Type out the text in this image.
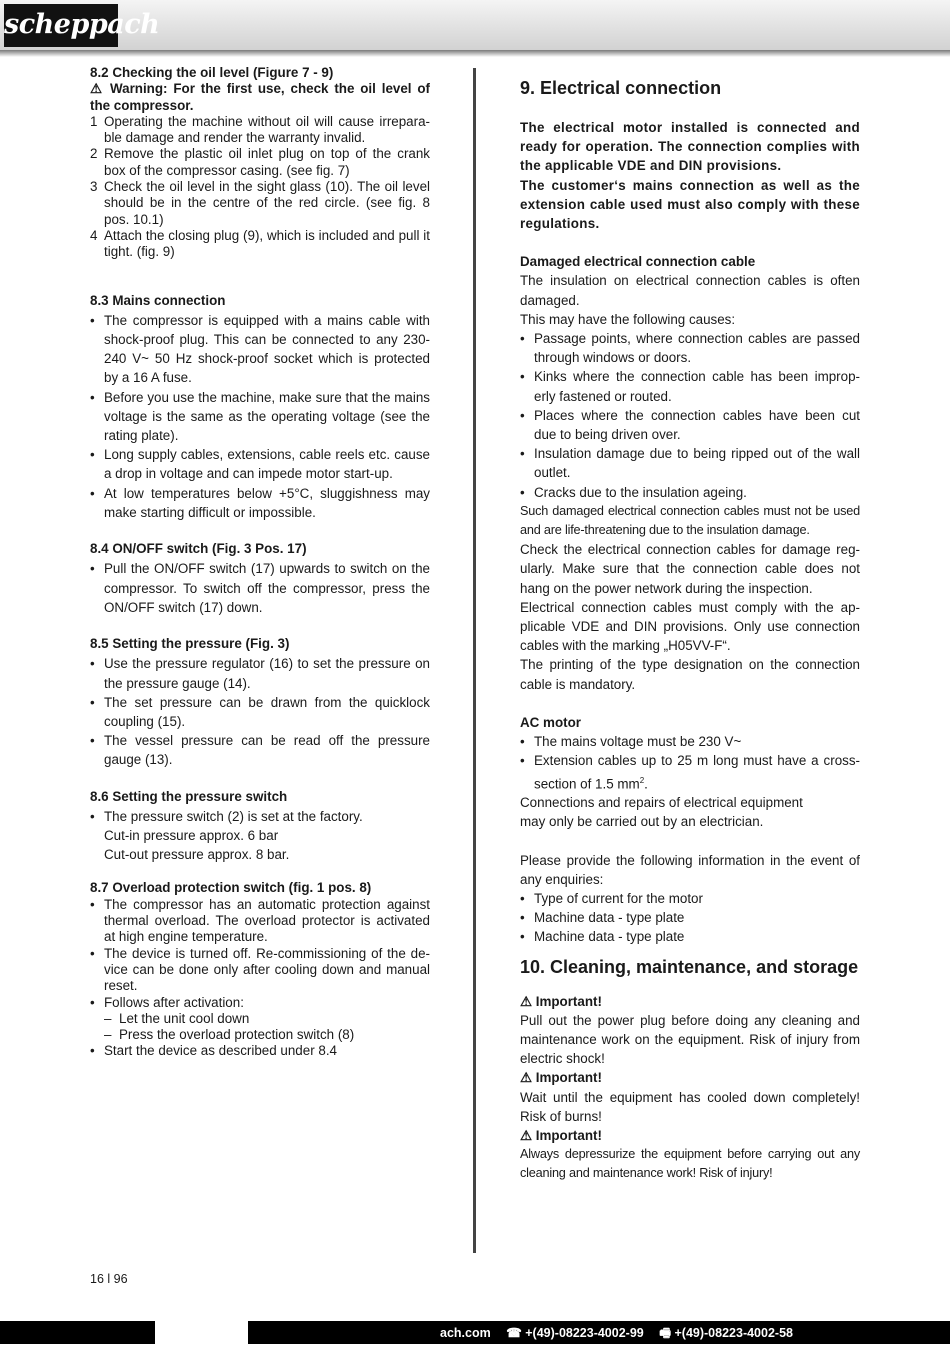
scheppach

8.2 Checking the oil level (Figure 7 - 9)

⚠ Warning: For the first use, check the oil level of the compressor.

1 Operating the machine without oil will cause irrepara-ble damage and render the warranty invalid.
2 Remove the plastic oil inlet plug on top of the crank box of the compressor casing. (see fig. 7)
3 Check the oil level in the sight glass (10). The oil level should be in the centre of the red circle. (see fig. 8 pos. 10.1)
4 Attach the closing plug (9), which is included and pull it tight. (fig. 9)

8.3 Mains connection

• The compressor is equipped with a mains cable with shock-proof plug. This can be connected to any 230-240 V~ 50 Hz shock-proof socket which is protected by a 16 A fuse.
• Before you use the machine, make sure that the mains voltage is the same as the operating voltage (see the rating plate).
• Long supply cables, extensions, cable reels etc. cause a drop in voltage and can impede motor start-up.
• At low temperatures below +5°C, sluggishness may make starting difficult or impossible.

8.4 ON/OFF switch (Fig. 3 Pos. 17)

• Pull the ON/OFF switch (17) upwards to switch on the compressor. To switch off the compressor, press the ON/OFF switch (17) down.

8.5 Setting the pressure (Fig. 3)

• Use the pressure regulator (16) to set the pressure on the pressure gauge (14).
• The set pressure can be drawn from the quicklock coupling (15).
• The vessel pressure can be read off the pressure gauge (13).

8.6 Setting the pressure switch

• The pressure switch (2) is set at the factory.
Cut-in pressure approx. 6 bar
Cut-out pressure approx. 8 bar.

8.7 Overload protection switch (fig. 1 pos. 8)

• The compressor has an automatic protection against thermal overload. The overload protector is activated at high engine temperature.
• The device is turned off. Re-commissioning of the de-vice can be done only after cooling down and manual reset.
• Follows after activation:
– Let the unit cool down
– Press the overload protection switch (8)
• Start the device as described under 8.4

9. Electrical connection

The electrical motor installed is connected and ready for operation. The connection complies with the applicable VDE and DIN provisions.

The customer‘s mains connection as well as the extension cable used must also comply with these regulations.

Damaged electrical connection cable

The insulation on electrical connection cables is often damaged.

This may have the following causes:

• Passage points, where connection cables are passed through windows or doors.
• Kinks where the connection cable has been improp-erly fastened or routed.
• Places where the connection cables have been cut due to being driven over.
• Insulation damage due to being ripped out of the wall outlet.
• Cracks due to the insulation ageing.

Such damaged electrical connection cables must not be used and are life-threatening due to the insulation damage.

Check the electrical connection cables for damage reg-ularly. Make sure that the connection cable does not hang on the power network during the inspection.

Electrical connection cables must comply with the ap-plicable VDE and DIN provisions. Only use connection cables with the marking „H05VV-F“.

The printing of the type designation on the connection cable is mandatory.

AC motor

• The mains voltage must be 230 V~
• Extension cables up to 25 m long must have a cross-section of 1.5 $mm^2$.

Connections and repairs of electrical equipment

may only be carried out by an electrician.

Please provide the following information in the event of any enquiries:

• Type of current for the motor
• Machine data - type plate
• Machine data - type plate

10. Cleaning, maintenance, and storage

⚠ Important!

Pull out the power plug before doing any cleaning and maintenance work on the equipment. Risk of injury from electric shock!

⚠ Important!

Wait until the equipment has cooled down completely! Risk of burns!

⚠ Important!

Always depressurize the equipment before carrying out any cleaning and maintenance work! Risk of injury!

16 l 96
ach.com ☎ +(49)-08223-4002-99 🖷 +(49)-08223-4002-58
